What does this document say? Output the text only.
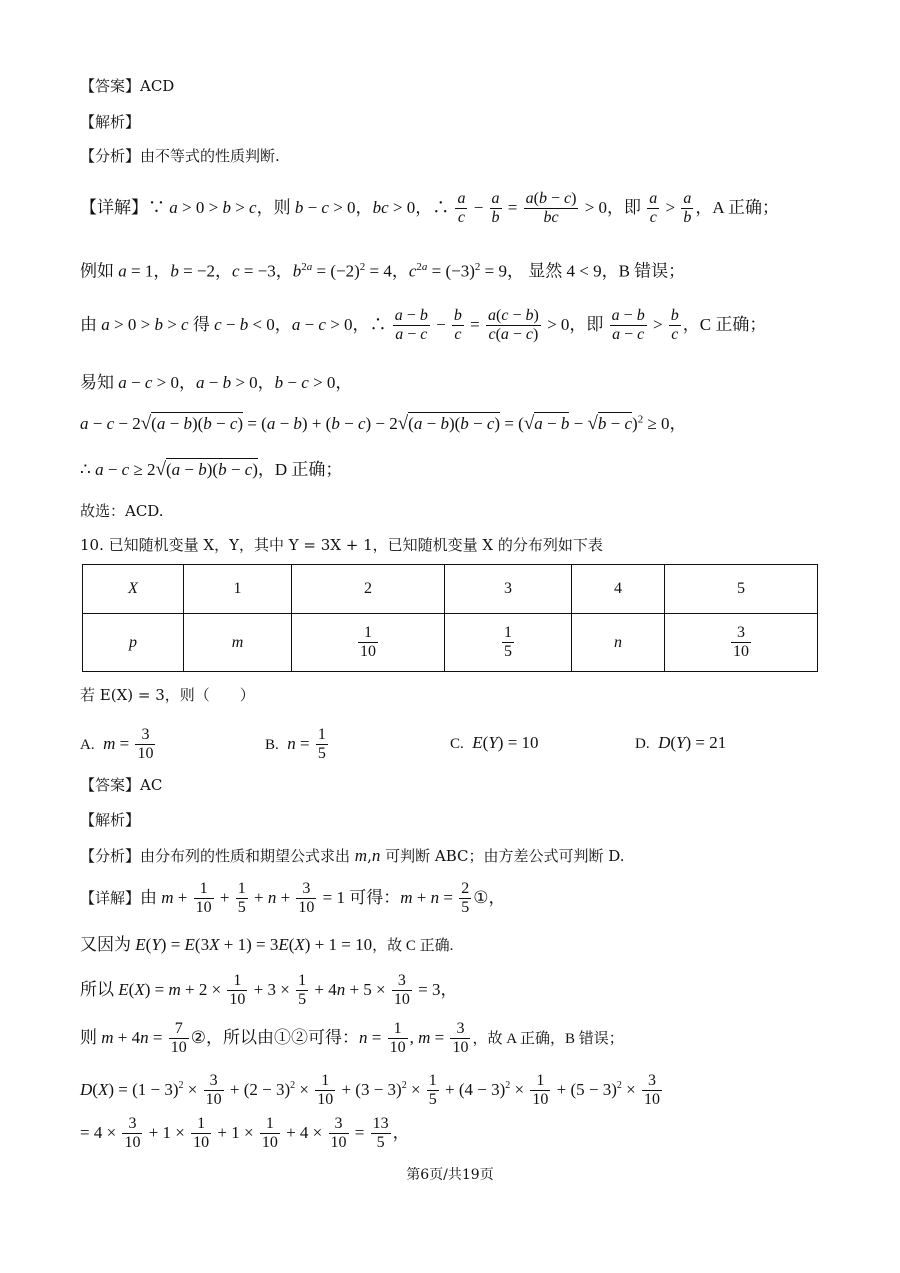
【答案】ACD
【解析】
【分析】由不等式的性质判断.
【详解】∵ a > 0 > b > c，则 b − c > 0，bc > 0，∴ $\frac{a}{c} - \frac{a}{b} = \frac{a(b - c)}{bc} > 0$，即 $\frac{a}{c} > \frac{a}{b}$ ，A 正确；
例如 a = 1，b = −2，c = −3，$b^{2a} = (-2)^2 = 4$，$c^{2a} = (-3)^2 = 9$， 显然 4 < 9，B 错误；
由 a > 0 > b > c 得 c − b < 0，a − c > 0，∴ $\frac{a - b}{a - c} - \frac{b}{c} = \frac{a(c - b)}{c(a - c)} > 0$，即 $\frac{a - b}{a - c} > \frac{b}{c}$ ，C 正确；
易知 a − c > 0，a − b > 0，b − c > 0，
$a - c - 2√(a - b)(b - c) = (a - b) + (b - c) - 2√(a - b)(b - c) = (√a - b - √b - c)^2 \ge 0$，
∴ a − c ≥ 2√(a − b)(b − c)，D 正确；
故选：ACD.
10. 已知随机变量 X，Y，其中 Y = 3X + 1，已知随机变量 X 的分布列如下表
X	1	2	3	4	5
p	m	$\frac{1}{10}$	$\frac{1}{5}$	n	$\frac{3}{10}$
若 E(X) = 3，则（　　）
A. $m = \frac{3}{10}$	B. $n = \frac{1}{5}$	C. E(Y) = 10	D. D(Y) = 21
【答案】AC
【解析】
【分析】由分布列的性质和期望公式求出 m,n 可判断 ABC；由方差公式可判断 D.
【详解】由 $m + \frac{1}{10} + \frac{1}{5} + n + \frac{3}{10} = 1$ 可得：$m + n = \frac{2}{5}$ ①，
又因为 E(Y) = E(3X + 1) = 3E(X) + 1 = 10，故 C 正确.
所以 $E(X) = m + 2 \times \frac{1}{10} + 3 \times \frac{1}{5} + 4n + 5 \times \frac{3}{10} = 3$，
则 $m + 4n = \frac{7}{10}$ ②，所以由①②可得：$n = \frac{1}{10}$ , $m = \frac{3}{10}$ ，故 A 正确，B 错误；
$D(X) = (1 - 3)^2 \times \frac{3}{10} + (2 - 3)^2 \times \frac{1}{10} + (3 - 3)^2 \times \frac{1}{5} + (4 - 3)^2 \times \frac{1}{10} + (5 - 3)^2 \times \frac{3}{10}$
= $4 \times \frac{3}{10} + 1 \times \frac{1}{10} + 1 \times \frac{1}{10} + 4 \times \frac{3}{10} = \frac{13}{5}$ ，
第6页/共19页
